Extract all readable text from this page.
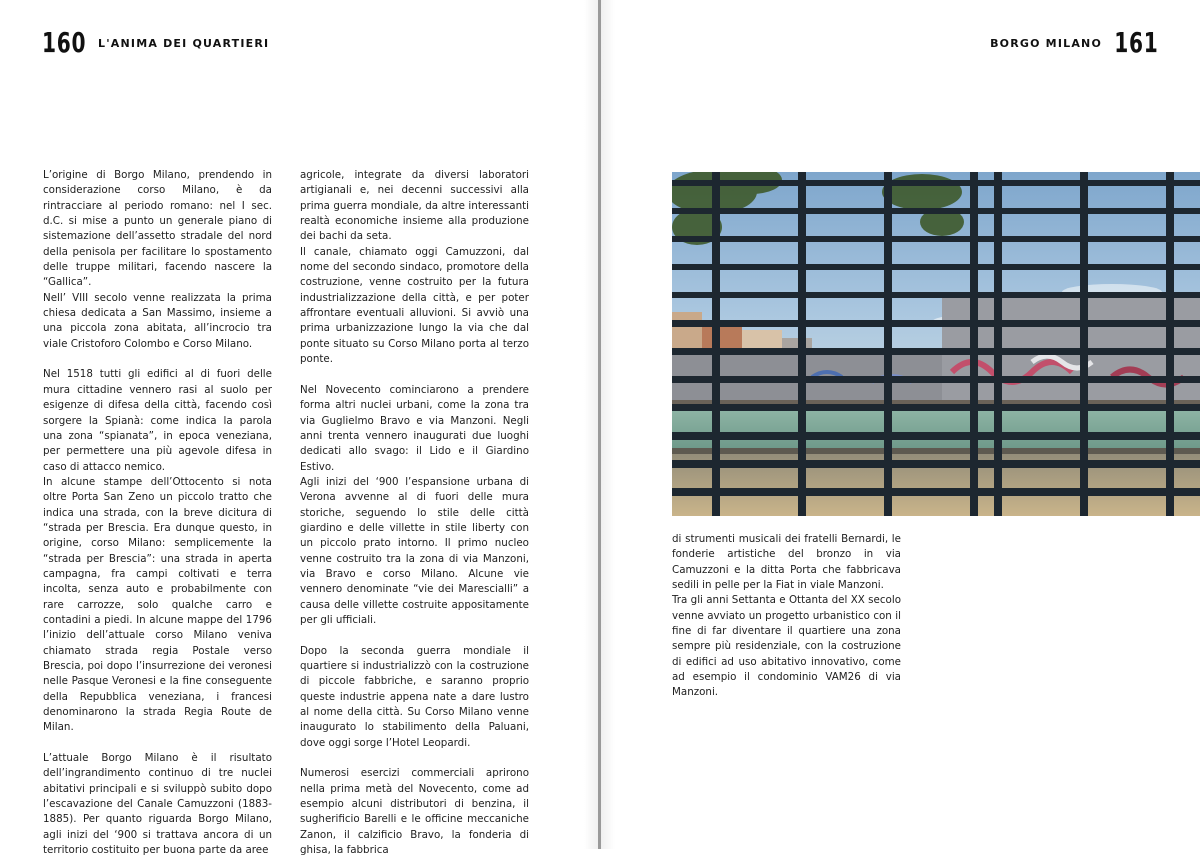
160 L'ANIMA DEI QUARTIERI	BORGO MILANO 161

L’origine di Borgo Milano, prendendo in considerazione corso Milano, è da rintracciare al periodo romano: nel I sec. d.C. si mise a punto un generale piano di sistemazione dell’assetto stradale del nord della penisola per facilitare lo spostamento delle truppe militari, facendo nascere la “Gallica”.

Nell’ VIII secolo venne realizzata la prima chiesa dedicata a San Massimo, insieme a una piccola zona abitata, all’incrocio tra viale Cristoforo Colombo e Corso Milano.

Nel 1518 tutti gli edifici al di fuori delle mura cittadine vennero rasi al suolo per esigenze di difesa della città, facendo così sorgere la Spianà: come indica la parola una zona “spianata”, in epoca veneziana, per permettere una più agevole difesa in caso di attacco nemico.

In alcune stampe dell’Ottocento si nota oltre Porta San Zeno un piccolo tratto che indica una strada, con la breve dicitura di “strada per Brescia. Era dunque questo, in origine, corso Milano: semplicemente la “strada per Brescia”: una strada in aperta campagna, fra campi coltivati e terra incolta, senza auto e probabilmente con rare carrozze, solo qualche carro e contadini a piedi. In alcune mappe del 1796 l’inizio dell’attuale corso Milano veniva chiamato strada regia Postale verso Brescia, poi dopo l’insurrezione dei veronesi nelle Pasque Veronesi e la fine conseguente della Repubblica veneziana, i francesi denominarono la strada Regia Route de Milan.

L’attuale Borgo Milano è il risultato dell’ingrandimento continuo di tre nuclei abitativi principali e si sviluppò subito dopo l’escavazione del Canale Camuzzoni (1883-1885). Per quanto riguarda Borgo Milano, agli inizi del ‘900 si trattava ancora di un territorio costituito per buona parte da aree

agricole, integrate da diversi laboratori artigianali e, nei decenni successivi alla prima guerra mondiale, da altre interessanti realtà economiche insieme alla produzione dei bachi da seta.

Il canale, chiamato oggi Camuzzoni, dal nome del secondo sindaco, promotore della costruzione, venne costruito per la futura industrializzazione della città, e per poter affrontare eventuali alluvioni. Si avviò una prima urbanizzazione lungo la via che dal ponte situato su Corso Milano porta al terzo ponte.

Nel Novecento cominciarono a prendere forma altri nuclei urbani, come la zona tra via Guglielmo Bravo e via Manzoni. Negli anni trenta vennero inaugurati due luoghi dedicati allo svago: il Lido e il Giardino Estivo.

Agli inizi del ‘900 l’espansione urbana di Verona avvenne al di fuori delle mura storiche, seguendo lo stile delle città giardino e delle villette in stile liberty con un piccolo prato intorno. Il primo nucleo venne costruito tra la zona di via Manzoni, via Bravo e corso Milano. Alcune vie vennero denominate “vie dei Marescialli” a causa delle villette costruite appositamente per gli ufficiali.

Dopo la seconda guerra mondiale il quartiere si industrializzò con la costruzione di piccole fabbriche, e saranno proprio queste industrie appena nate a dare lustro al nome della città. Su Corso Milano venne inaugurato lo stabilimento della Paluani, dove oggi sorge l’Hotel Leopardi.

Numerosi esercizi commerciali aprirono nella prima metà del Novecento, come ad esempio alcuni distributori di benzina, il sugherificio Barelli e le officine meccaniche Zanon, il calzificio Bravo, la fonderia di ghisa, la fabbrica

di strumenti musicali dei fratelli Bernardi, le fonderie artistiche del bronzo in via Camuzzoni e la ditta Porta che fabbricava sedili in pelle per la Fiat in viale Manzoni.

Tra gli anni Settanta e Ottanta del XX secolo venne avviato un progetto urbanistico con il fine di far diventare il quartiere una zona sempre più residenziale, con la costruzione di edifici ad uso abitativo innovativo, come ad esempio il condominio VAM26 di via Manzoni.
